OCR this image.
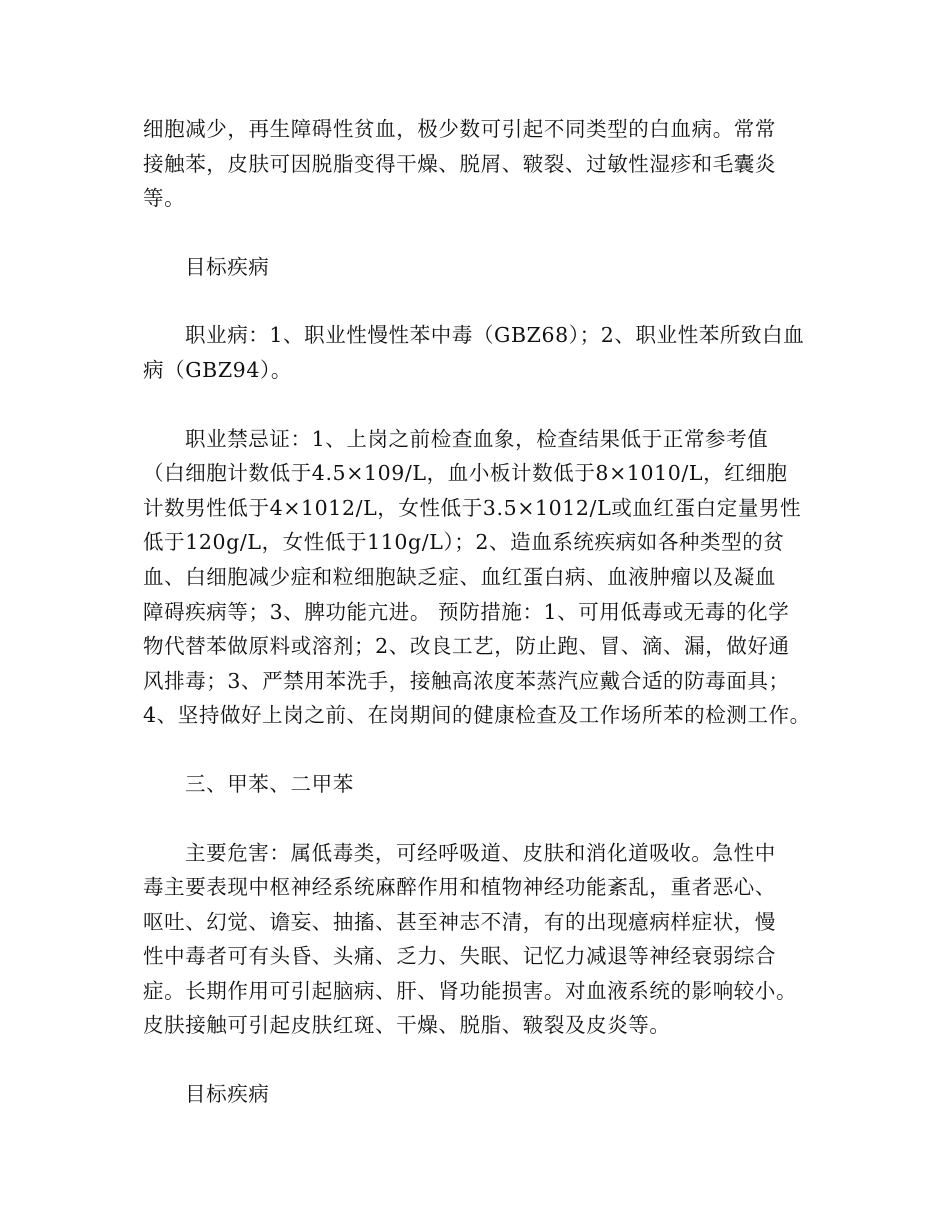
细胞减少，再生障碍性贫血，极少数可引起不同类型的白血病。常常
接触苯，皮肤可因脱脂变得干燥、脱屑、皲裂、过敏性湿疹和毛囊炎
等。
目标疾病
职业病：1、职业性慢性苯中毒（GBZ68）；2、职业性苯所致白血
病（GBZ94）。
职业禁忌证：1、上岗之前检查血象，检查结果低于正常参考值
（白细胞计数低于4.5×109/L，血小板计数低于8×1010/L，红细胞
计数男性低于4×1012/L，女性低于3.5×1012/L或血红蛋白定量男性
低于120g/L，女性低于110g/L）；2、造血系统疾病如各种类型的贫
血、白细胞减少症和粒细胞缺乏症、血红蛋白病、血液肿瘤以及凝血
障碍疾病等；3、脾功能亢进。 预防措施：1、可用低毒或无毒的化学
物代替苯做原料或溶剂；2、改良工艺，防止跑、冒、滴、漏，做好通
风排毒；3、严禁用苯洗手，接触高浓度苯蒸汽应戴合适的防毒面具；
4、坚持做好上岗之前、在岗期间的健康检查及工作场所苯的检测工作。
三、甲苯、二甲苯
主要危害：属低毒类，可经呼吸道、皮肤和消化道吸收。急性中
毒主要表现中枢神经系统麻醉作用和植物神经功能紊乱，重者恶心、
呕吐、幻觉、谵妄、抽搐、甚至神志不清，有的出现癔病样症状，慢
性中毒者可有头昏、头痛、乏力、失眠、记忆力减退等神经衰弱综合
症。长期作用可引起脑病、肝、肾功能损害。对血液系统的影响较小。
皮肤接触可引起皮肤红斑、干燥、脱脂、皲裂及皮炎等。
目标疾病
